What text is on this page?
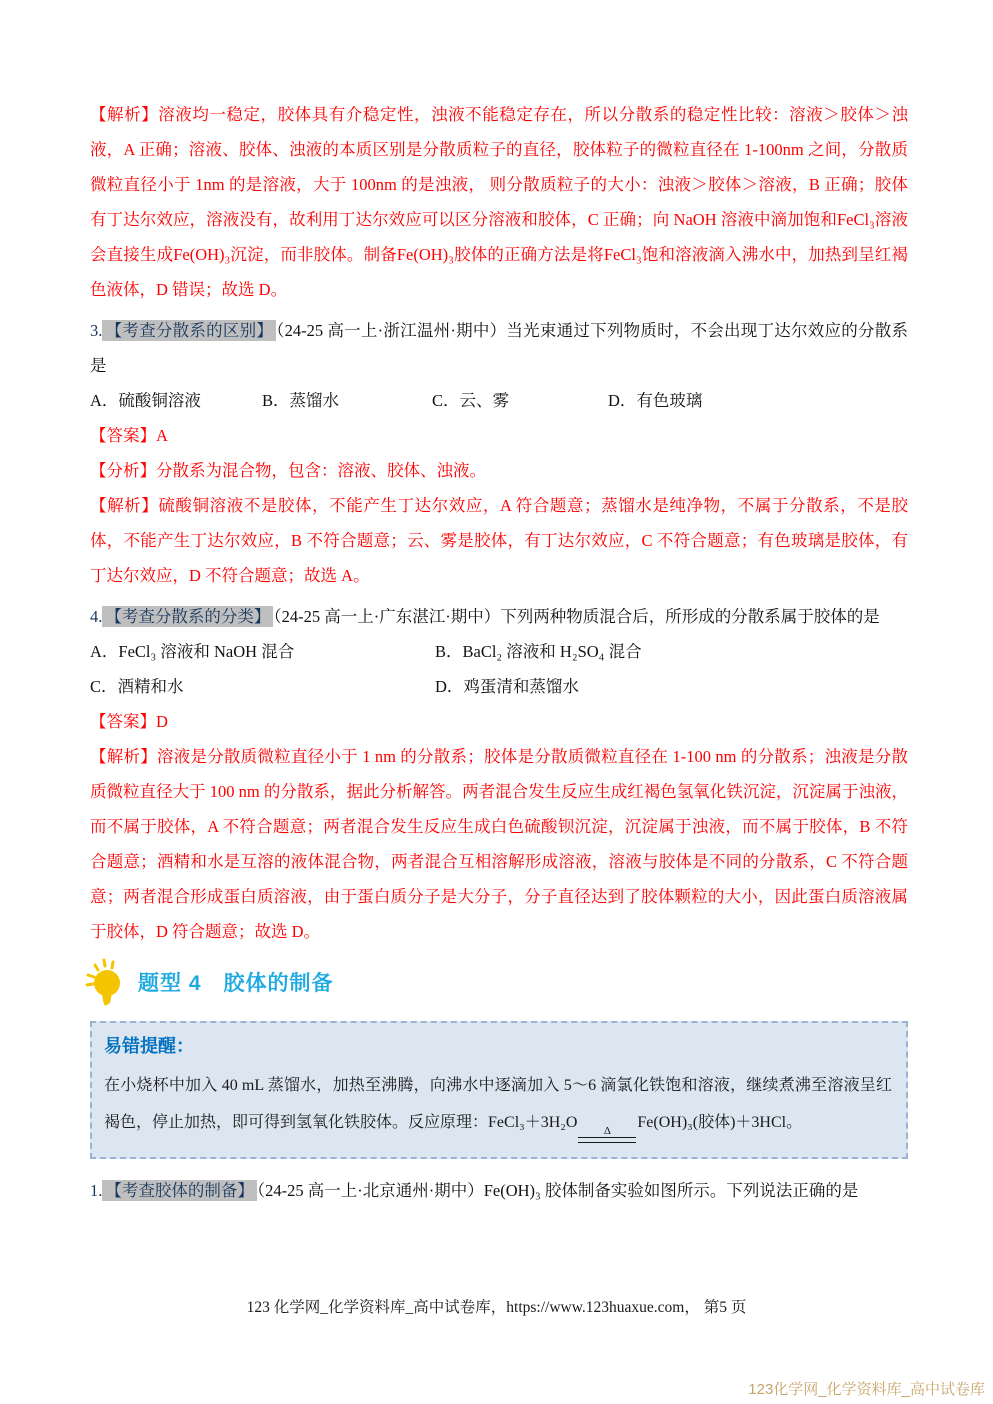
【解析】溶液均一稳定，胶体具有介稳定性，浊液不能稳定存在，所以分散系的稳定性比较：溶液＞胶体＞浊液，A 正确；溶液、胶体、浊液的本质区别是分散质粒子的直径，胶体粒子的微粒直径在 1-100nm 之间，分散质微粒直径小于 1nm 的是溶液，大于 100nm 的是浊液， 则分散质粒子的大小：浊液＞胶体＞溶液，B 正确；胶体有丁达尔效应，溶液没有，故利用丁达尔效应可以区分溶液和胶体，C 正确；向 NaOH 溶液中滴加饱和FeCl₃溶液会直接生成Fe(OH)₃沉淀，而非胶体。制备Fe(OH)₃胶体的正确方法是将FeCl₃饱和溶液滴入沸水中，加热到呈红褐色液体，D 错误；故选 D。

3. 【考查分散系的区别】 （24-25 高一上·浙江温州·期中）当光束通过下列物质时，不会出现丁达尔效应的分散系是

A．硫酸铜溶液	B．蒸馏水	C．云、雾	D．有色玻璃

【答案】A

【分析】分散系为混合物，包含：溶液、胶体、浊液。

【解析】硫酸铜溶液不是胶体，不能产生丁达尔效应，A 符合题意；蒸馏水是纯净物，不属于分散系，不是胶体，不能产生丁达尔效应，B 不符合题意；云、雾是胶体，有丁达尔效应，C 不符合题意；有色玻璃是胶体，有丁达尔效应，D 不符合题意；故选 A。

4. 【考查分散系的分类】 （24-25 高一上·广东湛江·期中）下列两种物质混合后，所形成的分散系属于胶体的是

A．FeCl₃ 溶液和 NaOH 混合	B．BaCl₂ 溶液和 H₂SO₄ 混合
C．酒精和水	D．鸡蛋清和蒸馏水

【答案】D

【解析】溶液是分散质微粒直径小于 1 nm 的分散系；胶体是分散质微粒直径在 1-100 nm 的分散系；浊液是分散质微粒直径大于 100 nm 的分散系，据此分析解答。两者混合发生反应生成红褐色氢氧化铁沉淀，沉淀属于浊液，而不属于胶体，A 不符合题意；两者混合发生反应生成白色硫酸钡沉淀，沉淀属于浊液，而不属于胶体，B 不符合题意；酒精和水是互溶的液体混合物，两者混合互相溶解形成溶液，溶液与胶体是不同的分散系，C 不符合题意；两者混合形成蛋白质溶液，由于蛋白质分子是大分子，分子直径达到了胶体颗粒的大小，因此蛋白质溶液属于胶体，D 符合题意；故选 D。

题型 4　胶体的制备
易错提醒：
在小烧杯中加入 40 mL 蒸馏水，加热至沸腾，向沸水中逐滴加入 5～6 滴氯化铁饱和溶液，继续煮沸至溶液呈红褐色，停止加热，即可得到氢氧化铁胶体。反应原理：FeCl₃＋3H₂O Δ Fe(OH)₃(胶体)＋3HCl。

1. 【考查胶体的制备】 （24-25 高一上·北京通州·期中）Fe(OH)₃ 胶体制备实验如图所示。下列说法正确的是

123 化学网_化学资料库_高中试卷库，https://www.123huaxue.com， 第5 页
123化学网_化学资料库_高中试卷库
